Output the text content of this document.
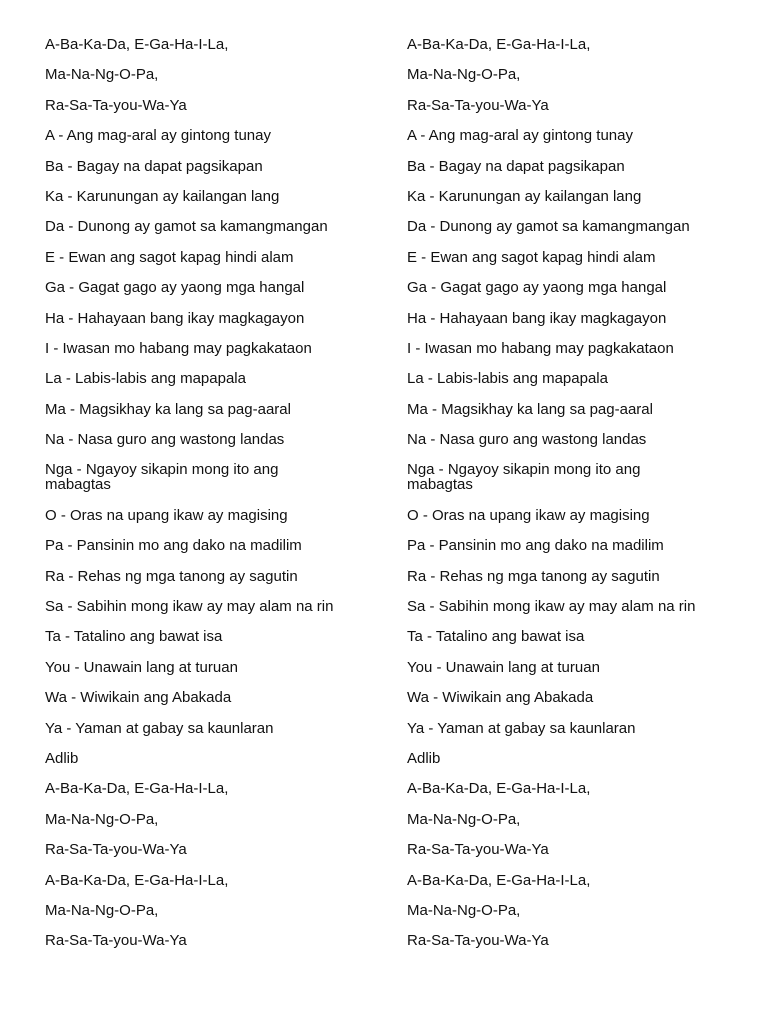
A-Ba-Ka-Da, E-Ga-Ha-I-La,
Ma-Na-Ng-O-Pa,
Ra-Sa-Ta-you-Wa-Ya
A - Ang mag-aral ay gintong tunay
Ba - Bagay na dapat pagsikapan
Ka - Karunungan ay kailangan lang
Da - Dunong ay gamot sa kamangmangan
E - Ewan ang sagot kapag hindi alam
Ga - Gagat gago ay yaong mga hangal
Ha - Hahayaan bang ikay magkagayon
I - Iwasan mo habang may pagkakataon
La - Labis-labis ang mapapala
Ma - Magsikhay ka lang sa pag-aaral
Na - Nasa guro ang wastong landas
Nga - Ngayoy sikapin mong ito ang mabagtas
O - Oras na upang ikaw ay magising
Pa - Pansinin mo ang dako na madilim
Ra - Rehas ng mga tanong ay sagutin
Sa - Sabihin mong ikaw ay may alam na rin
Ta - Tatalino ang bawat isa
You - Unawain lang at turuan
Wa - Wiwikain ang Abakada
Ya - Yaman at gabay sa kaunlaran
Adlib
A-Ba-Ka-Da, E-Ga-Ha-I-La,
Ma-Na-Ng-O-Pa,
Ra-Sa-Ta-you-Wa-Ya
A-Ba-Ka-Da, E-Ga-Ha-I-La,
Ma-Na-Ng-O-Pa,
Ra-Sa-Ta-you-Wa-Ya
A-Ba-Ka-Da, E-Ga-Ha-I-La,
Ma-Na-Ng-O-Pa,
Ra-Sa-Ta-you-Wa-Ya
A - Ang mag-aral ay gintong tunay
Ba - Bagay na dapat pagsikapan
Ka - Karunungan ay kailangan lang
Da - Dunong ay gamot sa kamangmangan
E - Ewan ang sagot kapag hindi alam
Ga - Gagat gago ay yaong mga hangal
Ha - Hahayaan bang ikay magkagayon
I - Iwasan mo habang may pagkakataon
La - Labis-labis ang mapapala
Ma - Magsikhay ka lang sa pag-aaral
Na - Nasa guro ang wastong landas
Nga - Ngayoy sikapin mong ito ang mabagtas
O - Oras na upang ikaw ay magising
Pa - Pansinin mo ang dako na madilim
Ra - Rehas ng mga tanong ay sagutin
Sa - Sabihin mong ikaw ay may alam na rin
Ta - Tatalino ang bawat isa
You - Unawain lang at turuan
Wa - Wiwikain ang Abakada
Ya - Yaman at gabay sa kaunlaran
Adlib
A-Ba-Ka-Da, E-Ga-Ha-I-La,
Ma-Na-Ng-O-Pa,
Ra-Sa-Ta-you-Wa-Ya
A-Ba-Ka-Da, E-Ga-Ha-I-La,
Ma-Na-Ng-O-Pa,
Ra-Sa-Ta-you-Wa-Ya
